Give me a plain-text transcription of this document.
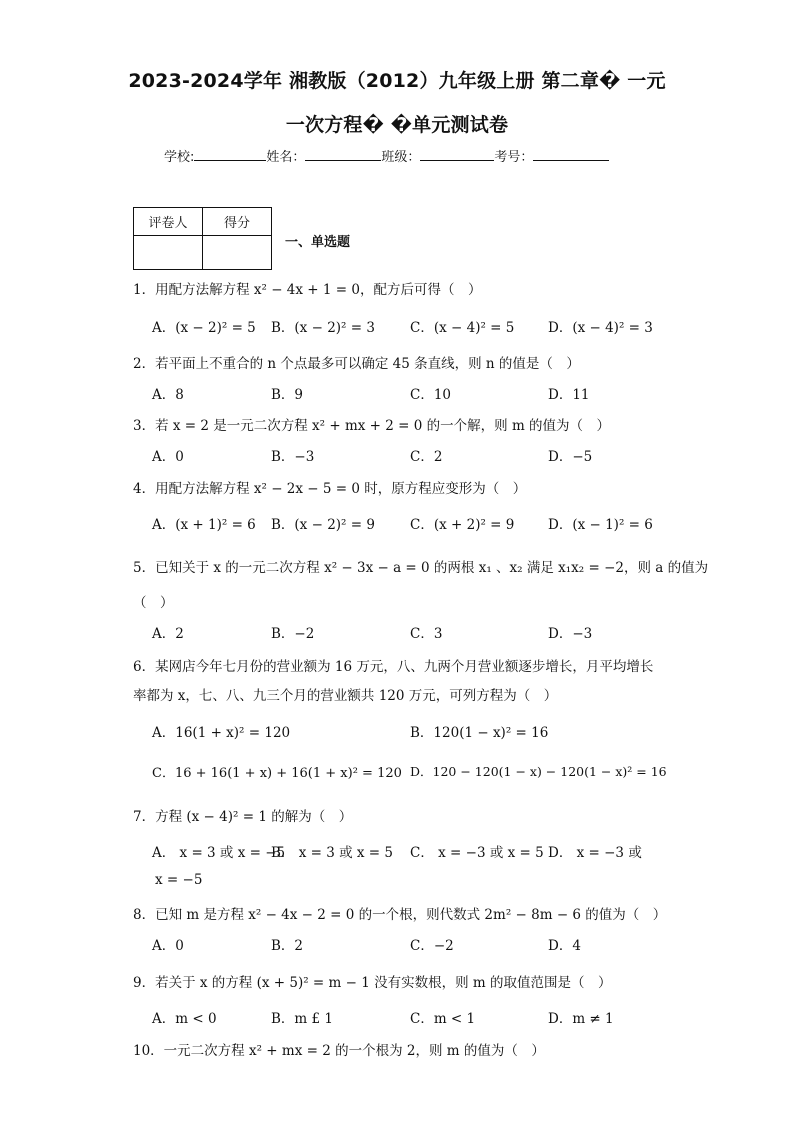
2023-2024学年 湘教版（2012）九年级上册 第二章� 一元
一次方程� �单元测试卷
学校:	姓名：	班级：	考号：
评卷人	得分

一、单选题
1．用配方法解方程 x² − 4x + 1 = 0，配方后可得（　）
A．(x − 2)² = 5 B．(x − 2)² = 3	C．(x − 4)² = 5 D．(x − 4)² = 3
2．若平面上不重合的 n 个点最多可以确定 45 条直线，则 n 的值是（　）
A．8	B．9	C．10	D．11
3．若 x = 2 是一元二次方程 x² + mx + 2 = 0 的一个解，则 m 的值为（　）
A．0	B．−3	C．2	D．−5
4．用配方法解方程 x² − 2x − 5 = 0 时，原方程应变形为（　）
A．(x + 1)² = 6 B．(x − 2)² = 9	C．(x + 2)² = 9 D．(x − 1)² = 6
5．已知关于 x 的一元二次方程 x² − 3x − a = 0 的两根 x₁ 、x₂ 满足 x₁x₂ = −2，则 a 的值为
（　）
A．2	B．−2	C．3	D．−3
6．某网店今年七月份的营业额为 16 万元，八、九两个月营业额逐步增长，月平均增长
率都为 x，七、八、九三个月的营业额共 120 万元，可列方程为（　）
A．16(1 + x)² = 120	B．120(1 − x)² = 16
C．16 + 16(1 + x) + 16(1 + x)² = 120 D．120 − 120(1 − x) − 120(1 − x)² = 16
7．方程 (x − 4)² = 1 的解为（　）
A． x = 3 或 x = −5
B． x = 3 或 x = 5 C． x = −3 或 x = 5 D． x = −3 或
x = −5
8．已知 m 是方程 x² − 4x − 2 = 0 的一个根，则代数式 2m² − 8m − 6 的值为（　）
A．0	B．2	C．−2	D．4
9．若关于 x 的方程 (x + 5)² = m − 1 没有实数根，则 m 的取值范围是（　）
A．m < 0	B．m £ 1	C．m < 1	D．m ≠ 1
10．一元二次方程 x² + mx = 2 的一个根为 2，则 m 的值为（　）
